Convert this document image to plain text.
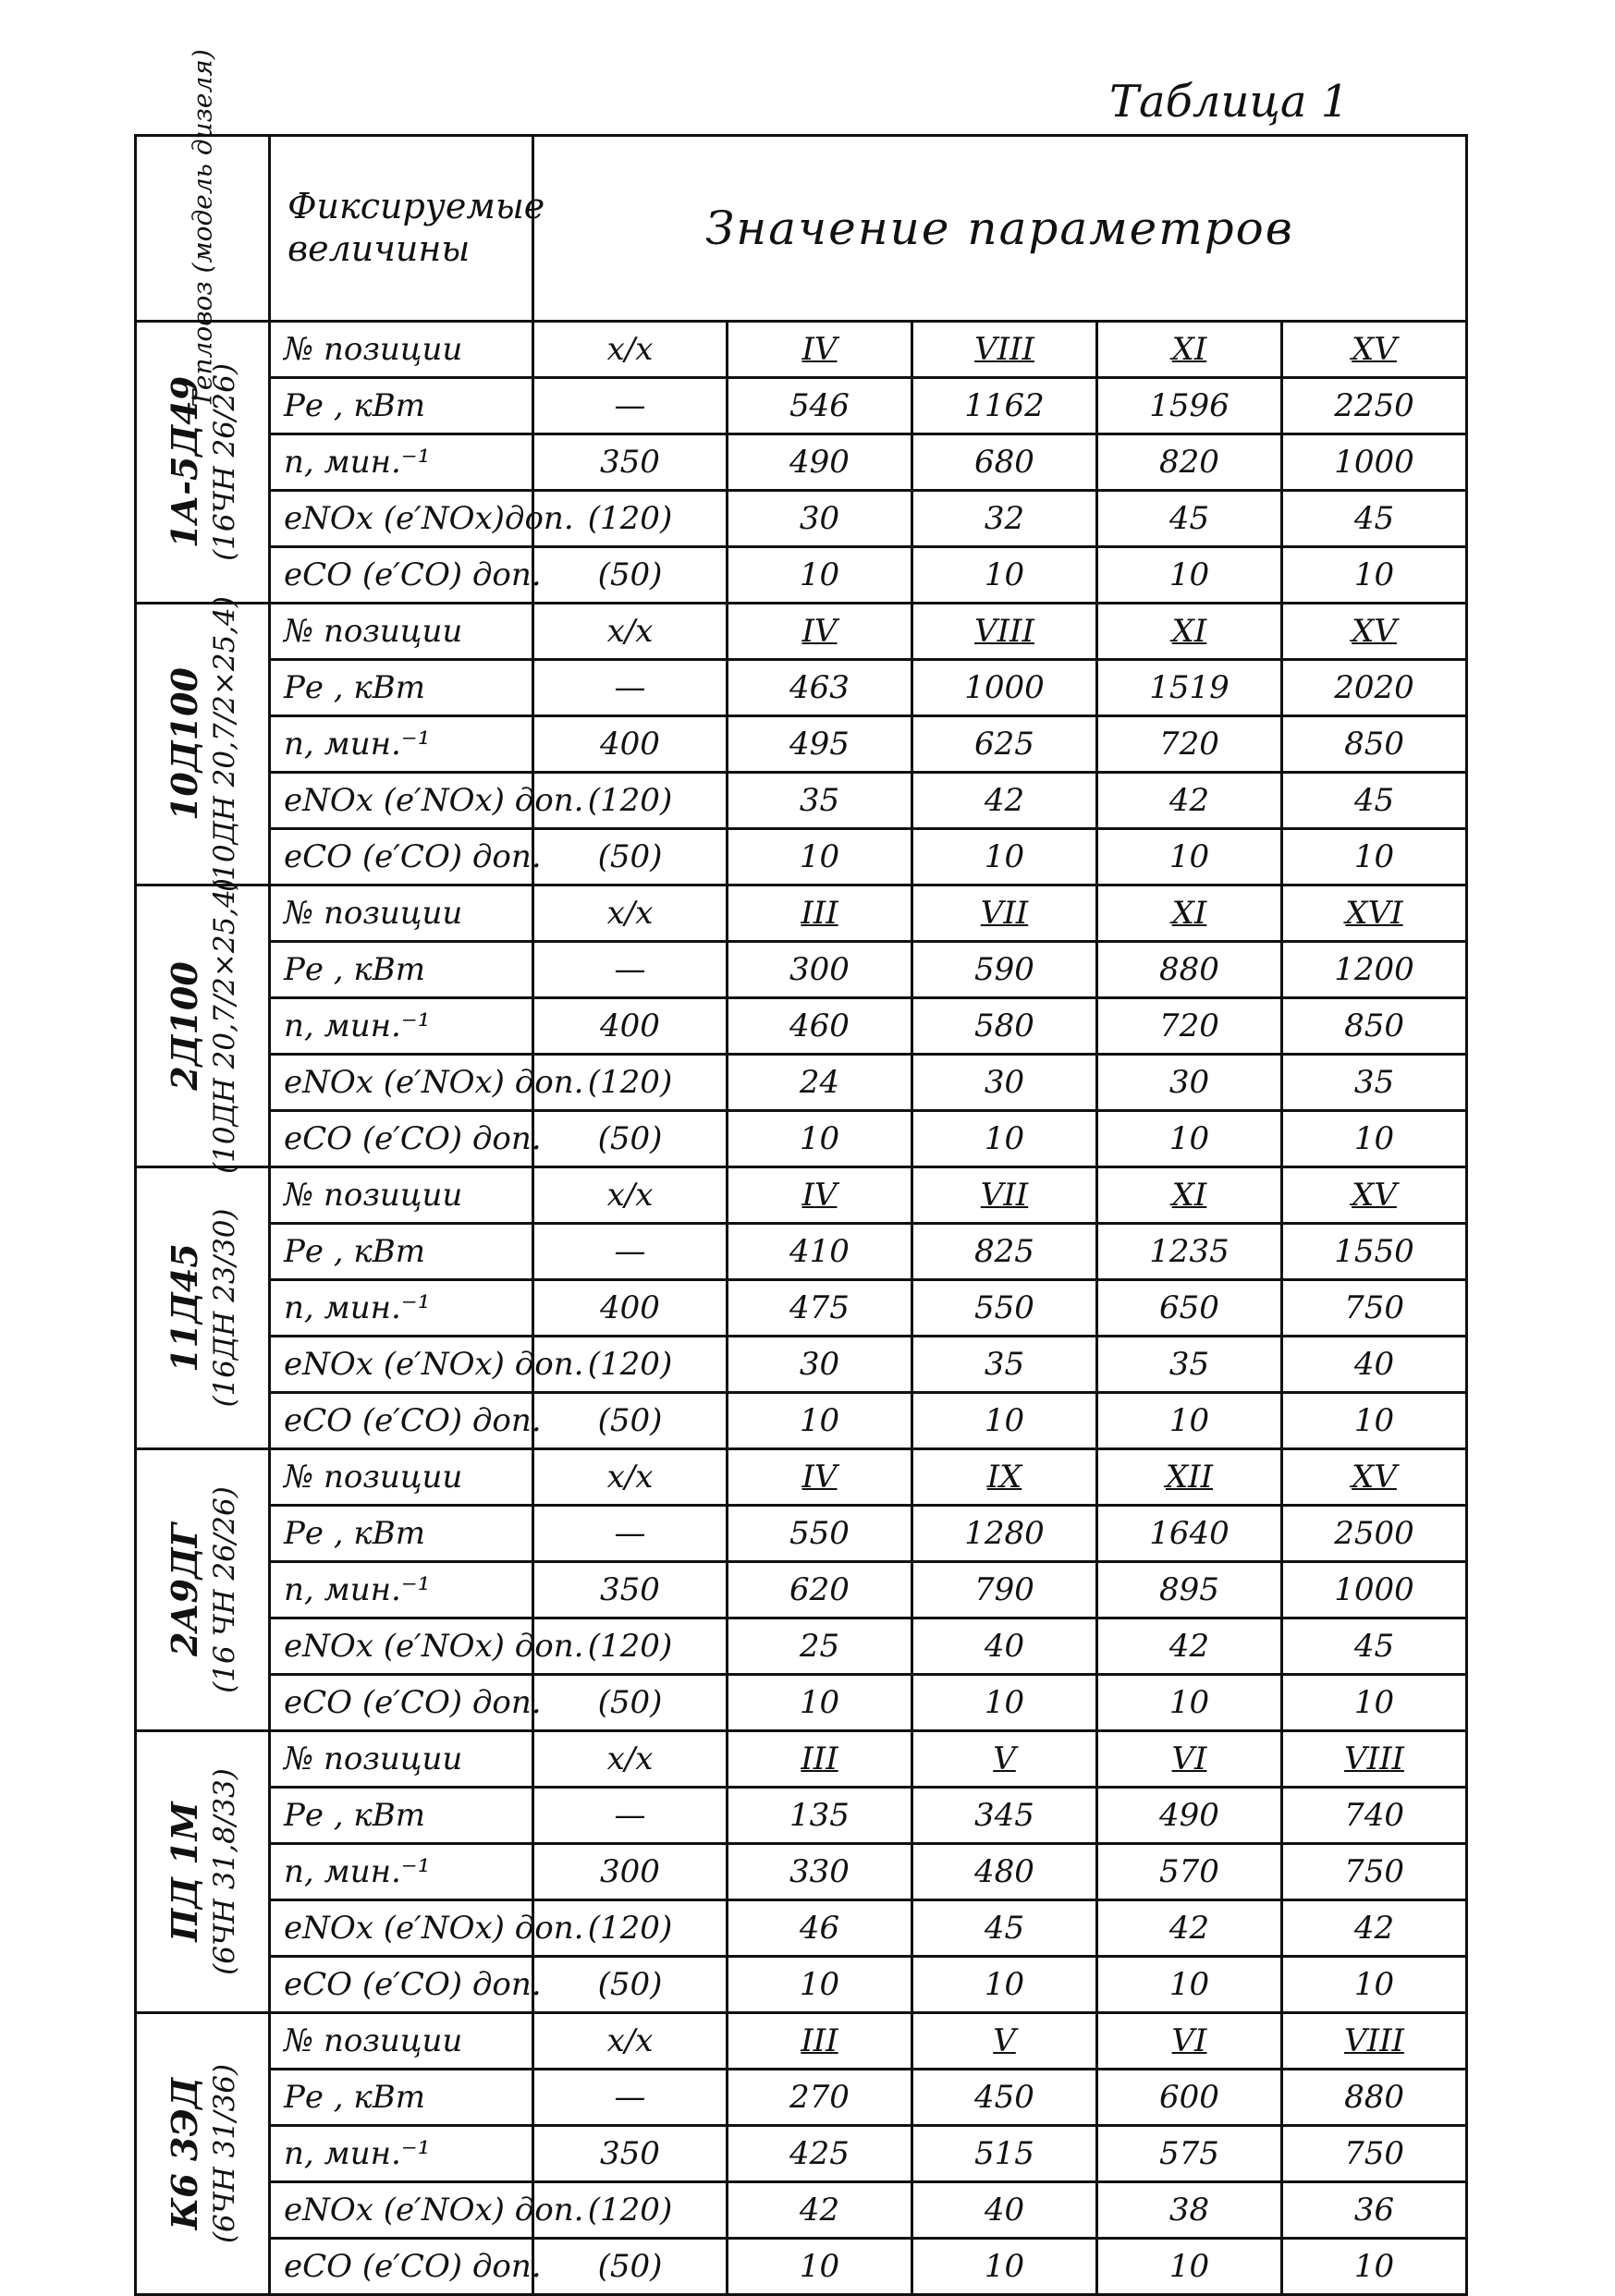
Таблица 1
Тепловоз (модель дизеля)	Фиксируемые
величины	Значение параметров				

1А-5Д49 (16ЧН 26/26)	№ позиции	х/х	IV	VIII	XI	XV
	Pе , кВт	—	546	1162	1596	2250
	n, мин.⁻¹	350	490	680	820	1000
	eNOx (e′NOx)доп.	(120)	30	32	45	45
	eCO (e′CO) доп.	(50)	10	10	10	10

10Д100 (10ДН 20,7/2×25,4)	№ позиции	х/х	IV	VIII	XI	XV
	Pе , кВт	—	463	1000	1519	2020
	n, мин.⁻¹	400	495	625	720	850
	eNOx (e′NOx) доп.	(120)	35	42	42	45
	eCO (e′CO) доп.	(50)	10	10	10	10

2Д100 (10ДН 20,7/2×25,4)	№ позиции	х/х	III	VII	XI	XVI
	Pе , кВт	—	300	590	880	1200
	n, мин.⁻¹	400	460	580	720	850
	eNOx (e′NOx) доп.	(120)	24	30	30	35
	eCO (e′CO) доп.	(50)	10	10	10	10

11Д45 (16ДН 23/30)	№ позиции	х/х	IV	VII	XI	XV
	Pе , кВт	—	410	825	1235	1550
	n, мин.⁻¹	400	475	550	650	750
	eNOx (e′NOx) доп.	(120)	30	35	35	40
	eCO (e′CO) доп.	(50)	10	10	10	10

2А9ДГ (16 ЧН 26/26)	№ позиции	х/х	IV	IX	XII	XV
	Pе , кВт	—	550	1280	1640	2500
	n, мин.⁻¹	350	620	790	895	1000
	eNOx (e′NOx) доп.	(120)	25	40	42	45
	eCO (e′CO) доп.	(50)	10	10	10	10

ПД 1М (6ЧН 31,8/33)	№ позиции	х/х	III	V	VI	VIII
	Pе , кВт	—	135	345	490	740
	n, мин.⁻¹	300	330	480	570	750
	eNOx (e′NOx) доп.	(120)	46	45	42	42
	eCO (e′CO) доп.	(50)	10	10	10	10

К6 3ЭД (6ЧН 31/36)	№ позиции	х/х	III	V	VI	VIII
	Pе , кВт	—	270	450	600	880
	n, мин.⁻¹	350	425	515	575	750
	eNOx (e′NOx) доп.	(120)	42	40	38	36
	eCO (e′CO) доп.	(50)	10	10	10	10
